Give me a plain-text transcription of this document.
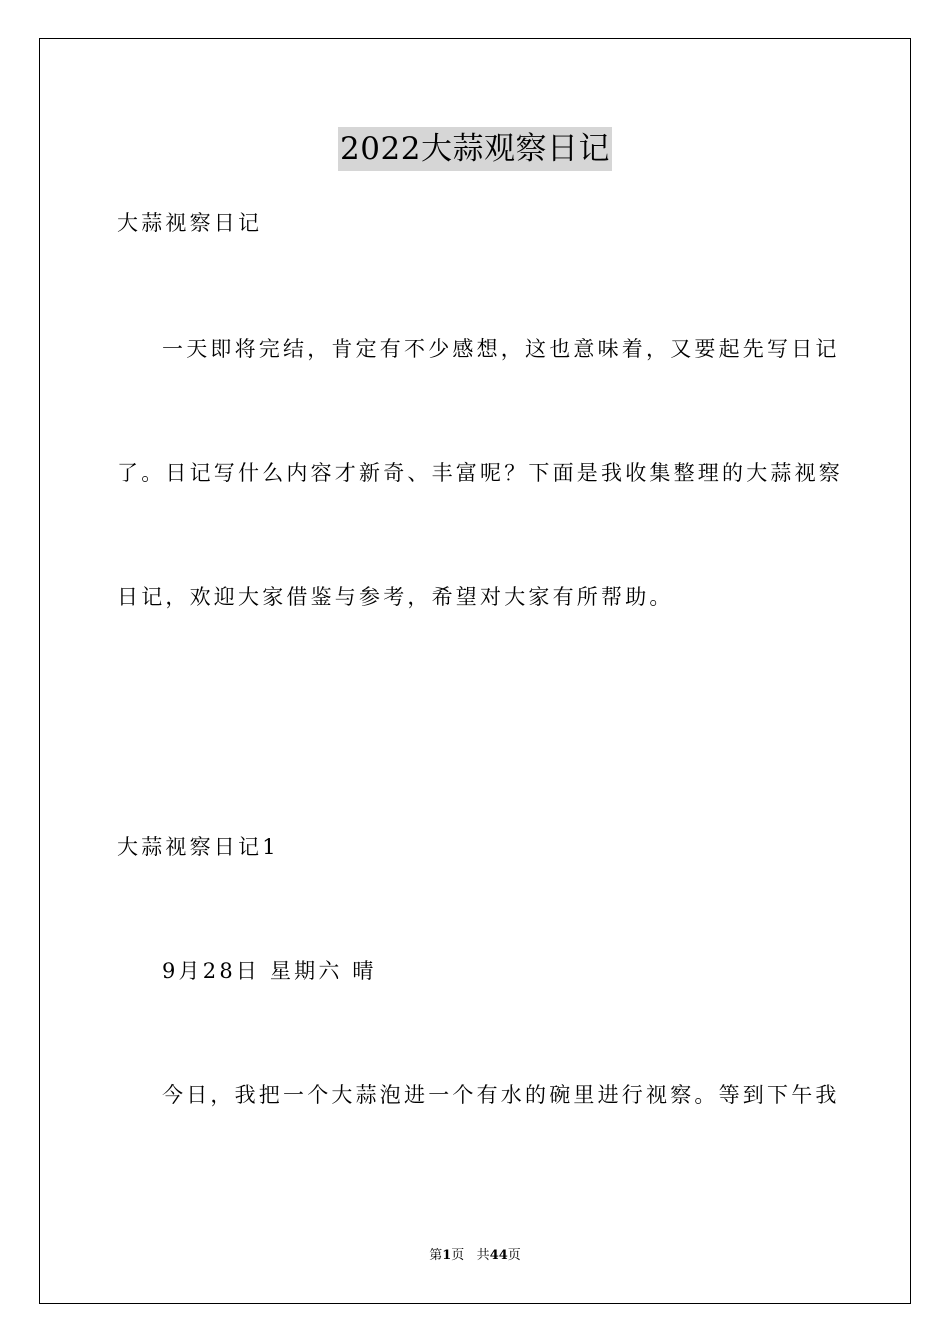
2022大蒜观察日记
大蒜视察日记
一天即将完结，肯定有不少感想，这也意味着，又要起先写日记
了。日记写什么内容才新奇、丰富呢？下面是我收集整理的大蒜视察
日记，欢迎大家借鉴与参考，希望对大家有所帮助。
大蒜视察日记1
9月28日 星期六 晴
今日，我把一个大蒜泡进一个有水的碗里进行视察。等到下午我
第1页 共44页
